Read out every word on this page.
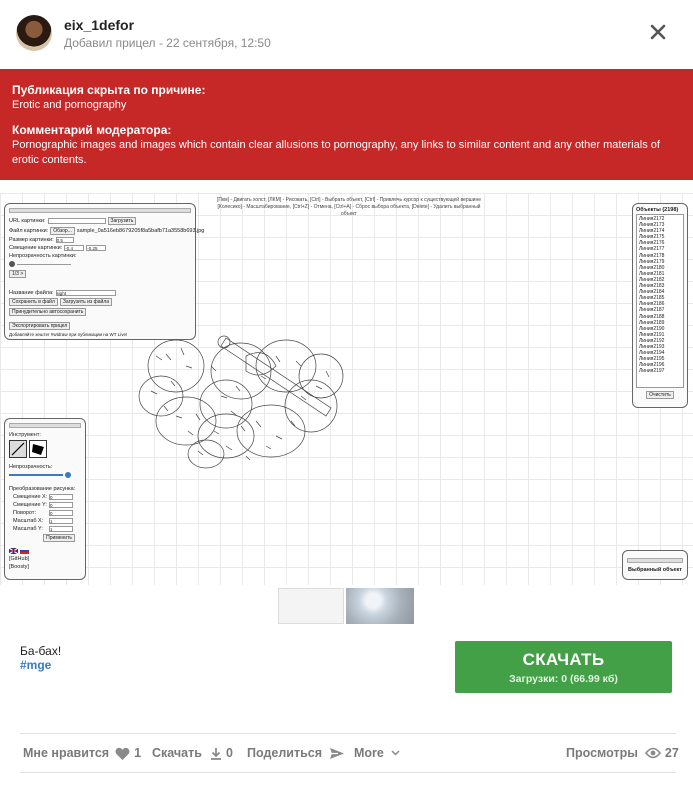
eix_1defor
Добавил прицел - 22 сентября, 12:50
Публикация скрыта по причине:
Erotic and pornography
Комментарий модератора:
Pornographic images and images which contain clear allusions to pornography, any links to similar content and any other materials of erotic contents.
[Пкм] - Двигать холст, [ЛКМ] - Рисовать, [Ctrl] - Выбрать объект, [Ctrl] - Привлечь курсор к существующей вершине
[Колесико] - Масштабирование, [Ctrl+Z] - Отмена, [Ctrl+A] - Сброс выбора объекта, [Delete] - Удалить выбранный объект
URL картинки:	Загрузить
Файл картинки:	Обзор... sample_0a516eb8679205f8a5bafb71a3558b693.jpg
Размер картинки: 0.5
Смещение картинки: -0.4	-0.25
Непрозрачность картинки:
1/3 >
Название файла: sight
Сохранить в файл	Загрузить из файла
Принудительно автосохранить
Экспортировать прицел
Добавляйте хештег #wtdraw при публикации на WT Live!
Объекты (2198)
Линия2172
Линия2173
Линия2174
Линия2175
Линия2176
Линия2177
Линия2178
Линия2179
Линия2180
Линия2181
Линия2182
Линия2183
Линия2184
Линия2185
Линия2186
Линия2187
Линия2188
Линия2189
Линия2190
Линия2191
Линия2192
Линия2193
Линия2194
Линия2195
Линия2196
Линия2197
Очистить
Инструмент:
Непрозрачность:
Преобразование рисунка:
Смещение X: 0
Смещение Y: 0
Поворот:	0
Масштаб X:	1
Масштаб Y:	1
Применить
[GitHub]
[Boosty]	Выбранный объект
Ба-бах!
#mge	СКАЧАТЬ
Загрузки: 0 (66.99 кб)
Мне нравится 1 Скачать 0 Поделиться	More	Просмотры 27
